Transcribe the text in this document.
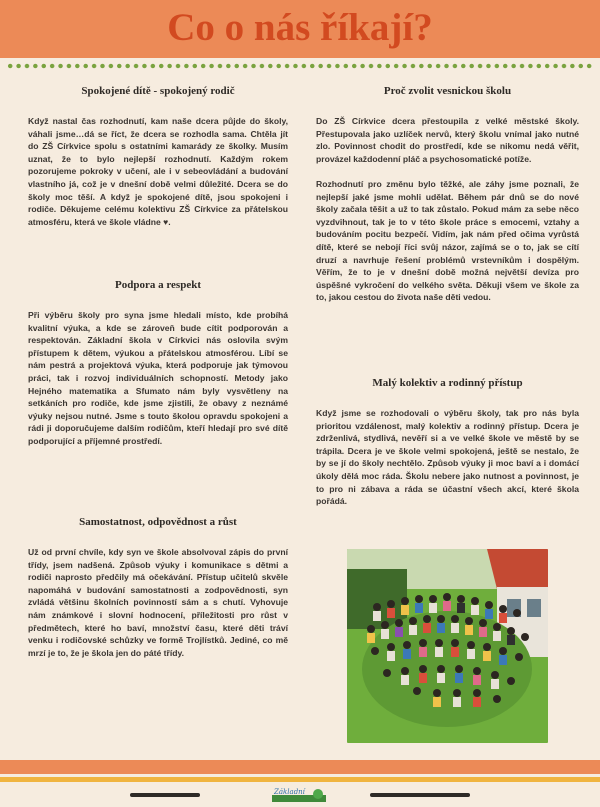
Co o nás říkají?
Spokojené dítě - spokojený rodič

Když nastal čas rozhodnutí, kam naše dcera půjde do školy, váhali jsme…dá se říct, že dcera se rozhodla sama. Chtěla jít do ZŠ Církvice spolu s ostatními kamarády ze školky. Musím uznat, že to bylo nejlepší rozhodnutí. Každým rokem pozorujeme pokroky v učení, ale i v sebeovládání a budování vlastního já, což je v dnešní době velmi důležité. Dcera se do školy moc těší. A když je spokojené dítě, jsou spokojeni i rodiče. Děkujeme celému kolektivu ZŠ Církvice za přátelskou atmosféru, která ve škole vládne ♥.

Podpora a respekt

Při výběru školy pro syna jsme hledali místo, kde probíhá kvalitní výuka, a kde se zároveň bude cítit podporován a respektován. Základní škola v Církvici nás oslovila svým přístupem k dětem, výukou a přátelskou atmosférou. Líbí se nám pestrá a projektová výuka, která podporuje jak týmovou práci, tak i rozvoj individuálních schopností. Metody jako Hejného matematika a Sfumato nám byly vysvětleny na setkáních pro rodiče, kde jsme zjistili, že obavy z neznámé výuky nejsou nutné. Jsme s touto školou opravdu spokojeni a rádi ji doporučujeme dalším rodičům, kteří hledají pro své dítě podporující a příjemné prostředí.

Samostatnost, odpovědnost a růst

Už od první chvíle, kdy syn ve škole absolvoval zápis do první třídy, jsem nadšená. Způsob výuky i komunikace s dětmi a rodiči naprosto předčily má očekávání. Přístup učitelů skvěle napomáhá v budování samostatnosti a zodpovědnosti, syn zvládá většinu školních povinností sám a s chutí. Vyhovuje nám známkové i slovní hodnocení, příležitosti pro růst v předmětech, které ho baví, množství času, které děti tráví venku i rodičovské schůzky ve formě Trojlístků. Jediné, co mě mrzí je to, že je škola jen do páté třídy.

Proč zvolit vesnickou školu

Do ZŠ Církvice dcera přestoupila z velké městské školy. Přestupovala jako uzlíček nervů, který školu vnímal jako nutné zlo. Povinnost chodit do prostředí, kde se nikomu nedá věřit, provázel každodenní pláč a psychosomatické potíže.

Rozhodnutí pro změnu bylo těžké, ale záhy jsme poznali, že nejlepší jaké jsme mohli udělat. Během pár dnů se do nové školy začala těšit a už to tak zůstalo. Pokud mám za sebe něco vyzdvihnout, tak je to v této škole práce s emocemi, vztahy a budováním pocitu bezpečí. Vidím, jak nám před očima vyrůstá dítě, které se nebojí říci svůj názor, zajímá se o to, jak se cítí druzí a navrhuje řešení problémů vrstevníkům i dospělým. Věřím, že to je v dnešní době možná největší devíza pro úspěšné vykročení do velkého světa. Děkuji všem ve škole za to, jakou cestou do života naše děti vedou.

Malý kolektiv a rodinný přístup

Když jsme se rozhodovali o výběru školy, tak pro nás byla prioritou vzdálenost, malý kolektiv a rodinný přístup. Dcera je zdrženlivá, stydlivá, nevěří si a ve velké škole ve městě by se trápila. Dcera je ve škole velmi spokojená, ještě se nestalo, že by se jí do školy nechtělo. Způsob výuky ji moc baví a i domácí úkoly dělá moc ráda. Školu nebere jako nutnost a povinnost, je to pro ni zábava a ráda se účastní všech akcí, které škola pořádá.

Základní
